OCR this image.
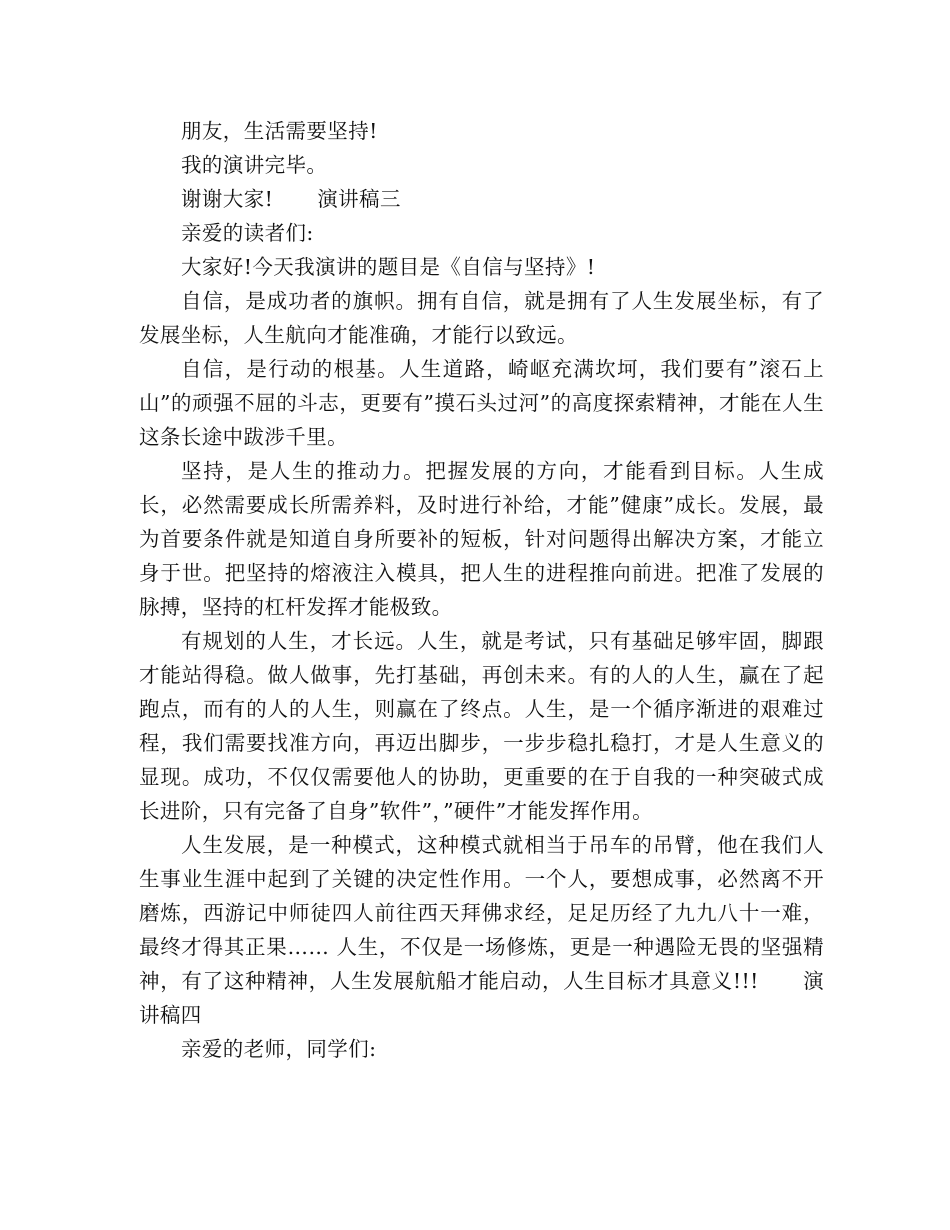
朋友，生活需要坚持!

我的演讲完毕。

谢谢大家! 演讲稿三

亲爱的读者们:

大家好!今天我演讲的题目是《自信与坚持》!

自信，是成功者的旗帜。拥有自信，就是拥有了人生发展坐标，有了发展坐标，人生航向才能准确，才能行以致远。

自信，是行动的根基。人生道路，崎岖充满坎坷，我们要有”滚石上山”的顽强不屈的斗志，更要有”摸石头过河”的高度探索精神，才能在人生这条长途中跋涉千里。

坚持，是人生的推动力。把握发展的方向，才能看到目标。人生成长，必然需要成长所需养料，及时进行补给，才能”健康”成长。发展，最为首要条件就是知道自身所要补的短板，针对问题得出解决方案，才能立身于世。把坚持的熔液注入模具，把人生的进程推向前进。把准了发展的脉搏，坚持的杠杆发挥才能极致。

有规划的人生，才长远。人生，就是考试，只有基础足够牢固，脚跟才能站得稳。做人做事，先打基础，再创未来。有的人的人生，赢在了起跑点，而有的人的人生，则赢在了终点。人生，是一个循序渐进的艰难过程，我们需要找准方向，再迈出脚步，一步步稳扎稳打，才是人生意义的显现。成功，不仅仅需要他人的协助，更重要的在于自我的一种突破式成长进阶，只有完备了自身”软件”，”硬件”才能发挥作用。

人生发展，是一种模式，这种模式就相当于吊车的吊臂，他在我们人生事业生涯中起到了关键的决定性作用。一个人，要想成事，必然离不开磨炼，西游记中师徒四人前往西天拜佛求经，足足历经了九九八十一难，最终才得其正果…… 人生，不仅是一场修炼，更是一种遇险无畏的坚强精神，有了这种精神，人生发展航船才能启动，人生目标才具意义!!! 演讲稿四

亲爱的老师，同学们:
